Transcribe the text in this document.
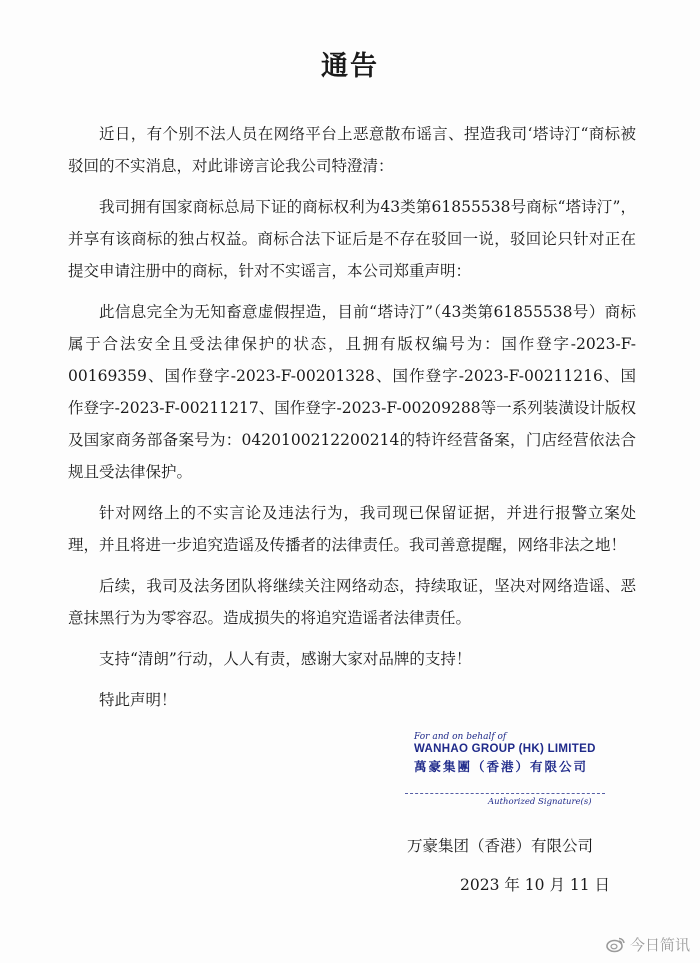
通告

近日，有个别不法人员在网络平台上恶意散布谣言、捏造我司‘塔诗汀“商标被驳回的不实消息，对此诽谤言论我公司特澄清：

我司拥有国家商标总局下证的商标权利为43类第61855538号商标“塔诗汀”，并享有该商标的独占权益。商标合法下证后是不存在驳回一说，驳回论只针对正在提交申请注册中的商标，针对不实谣言，本公司郑重声明：

此信息完全为无知畜意虚假捏造，目前“塔诗汀”（43类第61855538号）商标属于合法安全且受法律保护的状态，且拥有版权编号为：国作登字-2023-F-00169359、国作登字-2023-F-00201328、国作登字-2023-F-00211216、国作登字-2023-F-00211217、国作登字-2023-F-00209288等一系列装潢设计版权及国家商务部备案号为：0420100212200214的特许经营备案，门店经营依法合规且受法律保护。

针对网络上的不实言论及违法行为，我司现已保留证据，并进行报警立案处理，并且将进一步追究造谣及传播者的法律责任。我司善意提醒，网络非法之地！

后续，我司及法务团队将继续关注网络动态，持续取证，坚决对网络造谣、恶意抹黑行为为零容忍。造成损失的将追究造谣者法律责任。

支持“清朗”行动，人人有责，感谢大家对品牌的支持！

特此声明！

For and on behalf of
WANHAO GROUP (HK) LIMITED
萬豪集團（香港）有限公司
Authorized Signature(s)
万豪集团（香港）有限公司
2023 年 10 月 11 日
今日简讯
